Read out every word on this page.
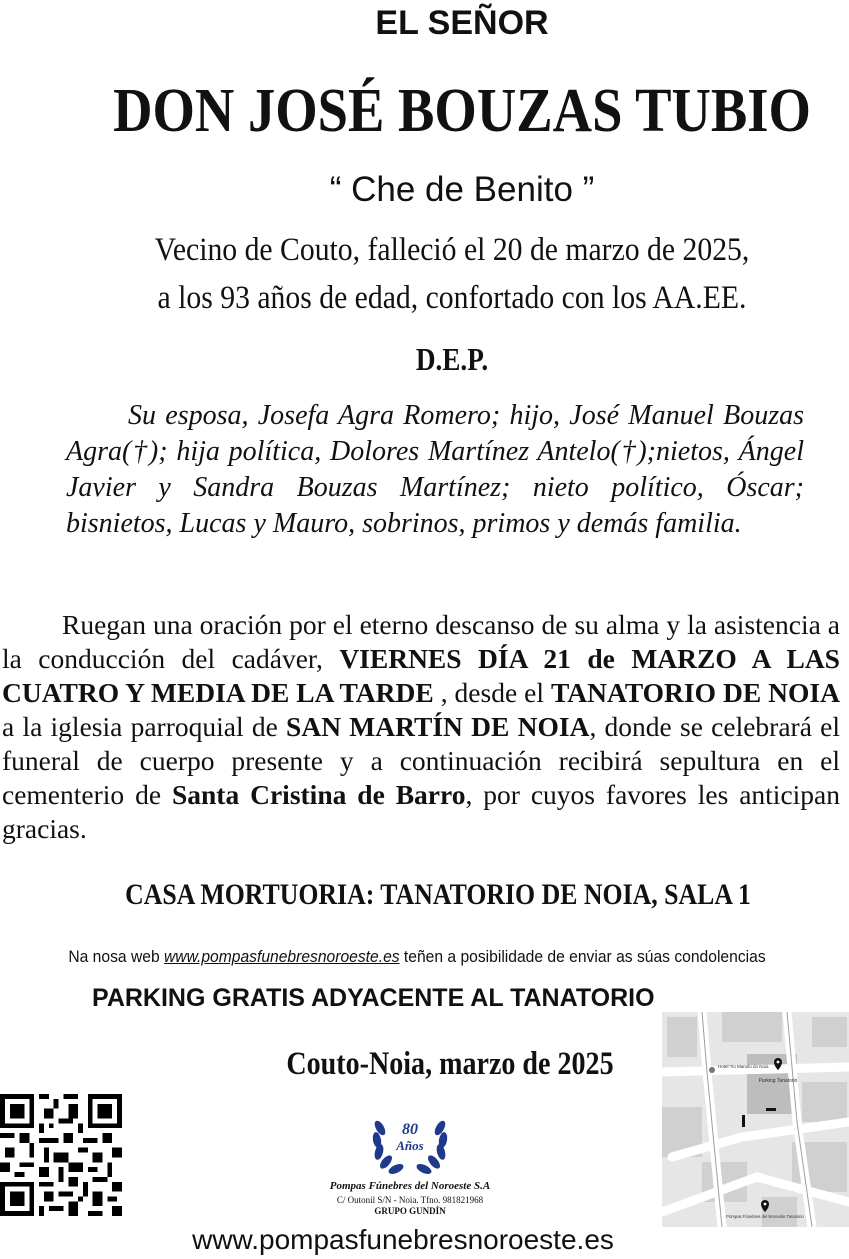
EL SEÑOR
DON JOSÉ BOUZAS TUBIO
“ Che de Benito ”
Vecino de Couto, falleció el 20 de marzo de 2025,
a los 93 años de edad, confortado con los AA.EE.
D.E.P.
Su esposa, Josefa Agra Romero; hijo, José Manuel Bouzas Agra(†); hija política, Dolores Martínez Antelo(†);nietos, Ángel Javier y Sandra Bouzas Martínez; nieto político, Óscar; bisnietos, Lucas y Mauro, sobrinos, primos y demás familia.
Ruegan una oración por el eterno descanso de su alma y la asistencia a la conducción del cadáver, VIERNES DÍA 21 de MARZO A LAS CUATRO Y MEDIA DE LA TARDE , desde el TANATORIO DE NOIA a la iglesia parroquial de SAN MARTÍN DE NOIA, donde se celebrará el funeral de cuerpo presente y a continuación recibirá sepultura en el cementerio de Santa Cristina de Barro, por cuyos favores les anticipan gracias.
CASA MORTUORIA: TANATORIO DE NOIA, SALA 1
Na nosa web www.pompasfunebresnoroeste.es teñen a posibilidade de enviar as súas condolencias
PARKING GRATIS ADYACENTE AL TANATORIO
Couto-Noia, marzo de 2025
80
Años
Pompas Fúnebres del Noroeste S.A
C/ Outonil S/N - Noia. Tfno. 981821968
GRUPO GUNDÍN
Parking Tanatorio
Hotel Tio Manolo do Noia
Pompas Fúnebres del Noroeste Tanatorio
www.pompasfunebresnoroeste.es
